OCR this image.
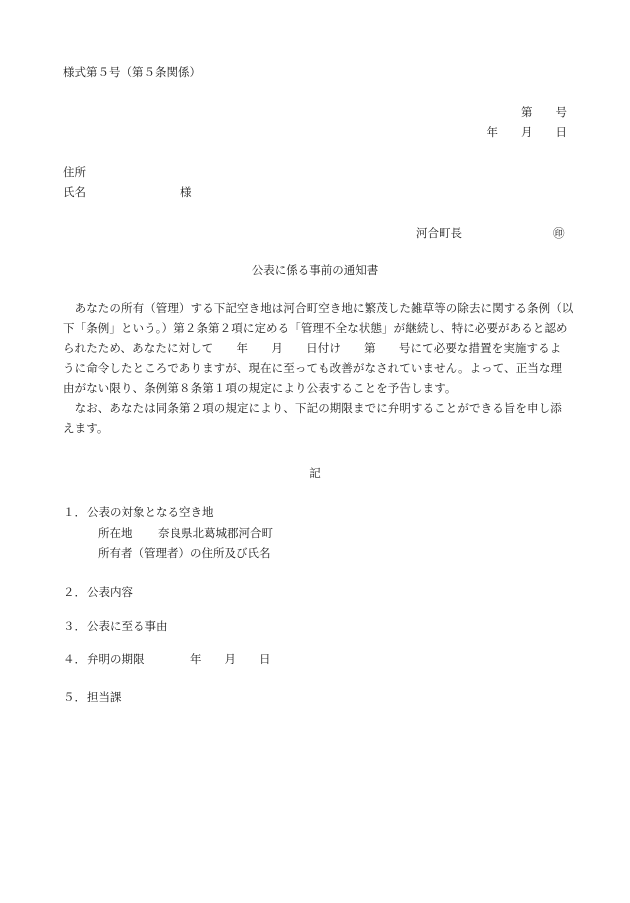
様式第５号（第５条関係）
第　　号
年　　月　　日
住所
氏名	様
河合町長	㊞
公表に係る事前の通知書
　あなたの所有（管理）する下記空き地は河合町空き地に繁茂した雑草等の除去に関する条例（以
下「条例」という。）第２条第２項に定める「管理不全な状態」が継続し、特に必要があると認め
られたため、あなたに対して　　年　　月　　日付け　　第　　号にて必要な措置を実施するよ
うに命令したところでありますが、現在に至っても改善がなされていません。よって、正当な理
由がない限り、条例第８条第１項の規定により公表することを予告します。
　なお、あなたは同条第２項の規定により、下記の期限までに弁明することができる旨を申し添
えます。
記
１． 公表の対象となる空き地
所在地 奈良県北葛城郡河合町
所有者（管理者）の住所及び氏名
２． 公表内容
３． 公表に至る事由
４． 弁明の期限	年　　月　　日
５． 担当課
